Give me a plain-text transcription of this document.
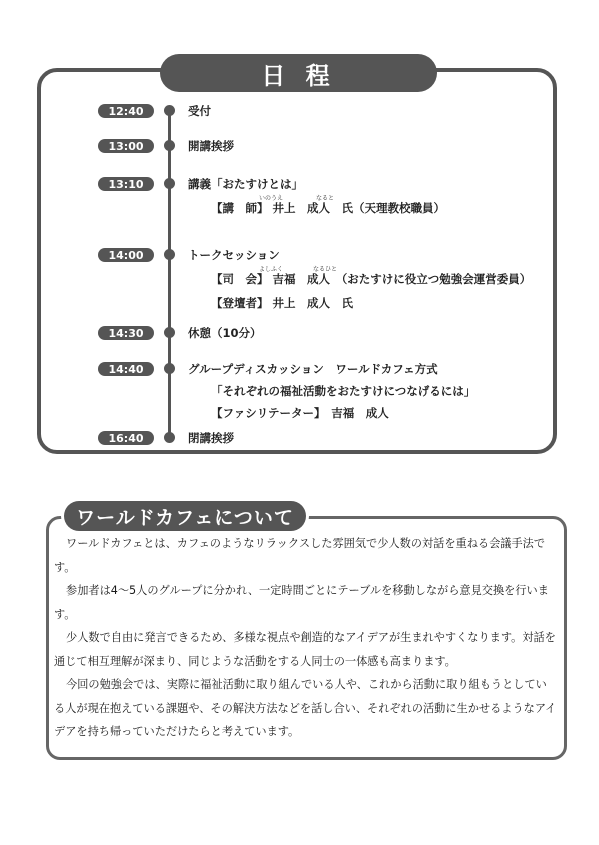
日 程
12:40	受付
13:00	開講挨拶
13:10	講義「おたすけとは」
いのうえ	なると
【講　師】 井上　成人　氏（天理教校職員）
14:00	トークセッション
よしふく	なるひと
【司　会】 吉福　成人　（おたすけに役立つ勉強会運営委員）
【登壇者】 井上　成人　氏
14:30	休憩（10分）
14:40	グループディスカッション　ワールドカフェ方式
「それぞれの福祉活動をおたすけにつなげるには」
【ファシリテーター】　吉福　成人
16:40	閉講挨拶
ワールドカフェについて
ワールドカフェとは、カフェのようなリラックスした雰囲気で少人数の対話を重ねる会議手法です。
参加者は4～5人のグループに分かれ、一定時間ごとにテーブルを移動しながら意見交換を行います。
少人数で自由に発言できるため、多様な視点や創造的なアイデアが生まれやすくなります。対話を通じて相互理解が深まり、同じような活動をする人同士の一体感も高まります。
今回の勉強会では、実際に福祉活動に取り組んでいる人や、これから活動に取り組もうとしている人が現在抱えている課題や、その解決方法などを話し合い、それぞれの活動に生かせるようなアイデアを持ち帰っていただけたらと考えています。
